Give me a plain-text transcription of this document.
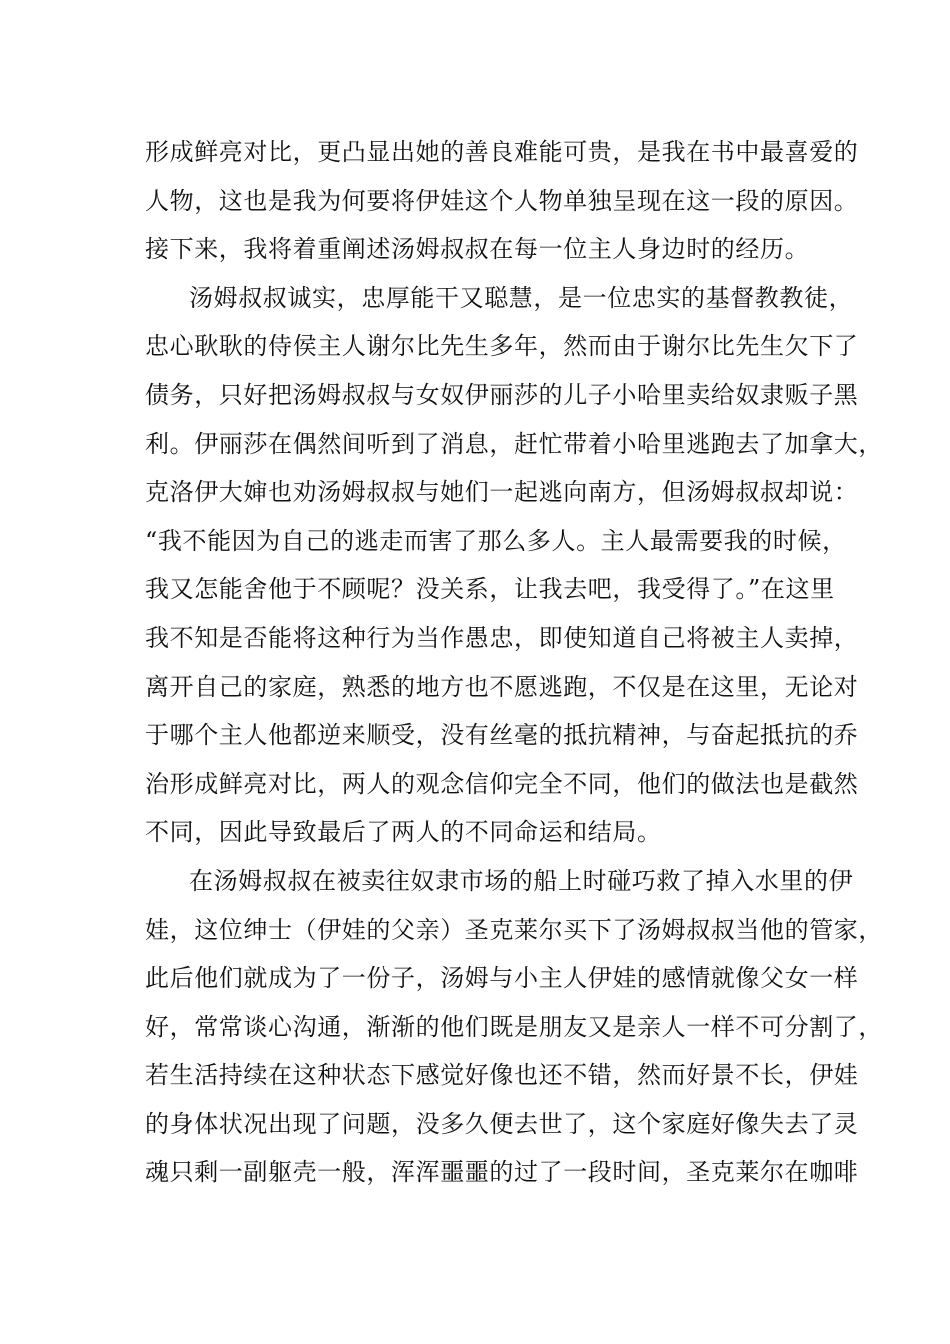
形成鲜亮对比，更凸显出她的善良难能可贵，是我在书中最喜爱的
人物，这也是我为何要将伊娃这个人物单独呈现在这一段的原因。
接下来，我将着重阐述汤姆叔叔在每一位主人身边时的经历。
汤姆叔叔诚实，忠厚能干又聪慧，是一位忠实的基督教教徒，
忠心耿耿的侍侯主人谢尔比先生多年，然而由于谢尔比先生欠下了
债务，只好把汤姆叔叔与女奴伊丽莎的儿子小哈里卖给奴隶贩子黑
利。伊丽莎在偶然间听到了消息，赶忙带着小哈里逃跑去了加拿大，
克洛伊大婶也劝汤姆叔叔与她们一起逃向南方，但汤姆叔叔却说：
“我不能因为自己的逃走而害了那么多人。主人最需要我的时候，
我又怎能舍他于不顾呢？没关系，让我去吧，我受得了。”在这里
我不知是否能将这种行为当作愚忠，即使知道自己将被主人卖掉，
离开自己的家庭，熟悉的地方也不愿逃跑，不仅是在这里，无论对
于哪个主人他都逆来顺受，没有丝毫的抵抗精神，与奋起抵抗的乔
治形成鲜亮对比，两人的观念信仰完全不同，他们的做法也是截然
不同，因此导致最后了两人的不同命运和结局。
在汤姆叔叔在被卖往奴隶市场的船上时碰巧救了掉入水里的伊
娃，这位绅士（伊娃的父亲）圣克莱尔买下了汤姆叔叔当他的管家，
此后他们就成为了一份子，汤姆与小主人伊娃的感情就像父女一样
好，常常谈心沟通，渐渐的他们既是朋友又是亲人一样不可分割了，
若生活持续在这种状态下感觉好像也还不错，然而好景不长，伊娃
的身体状况出现了问题，没多久便去世了，这个家庭好像失去了灵
魂只剩一副躯壳一般，浑浑噩噩的过了一段时间，圣克莱尔在咖啡
